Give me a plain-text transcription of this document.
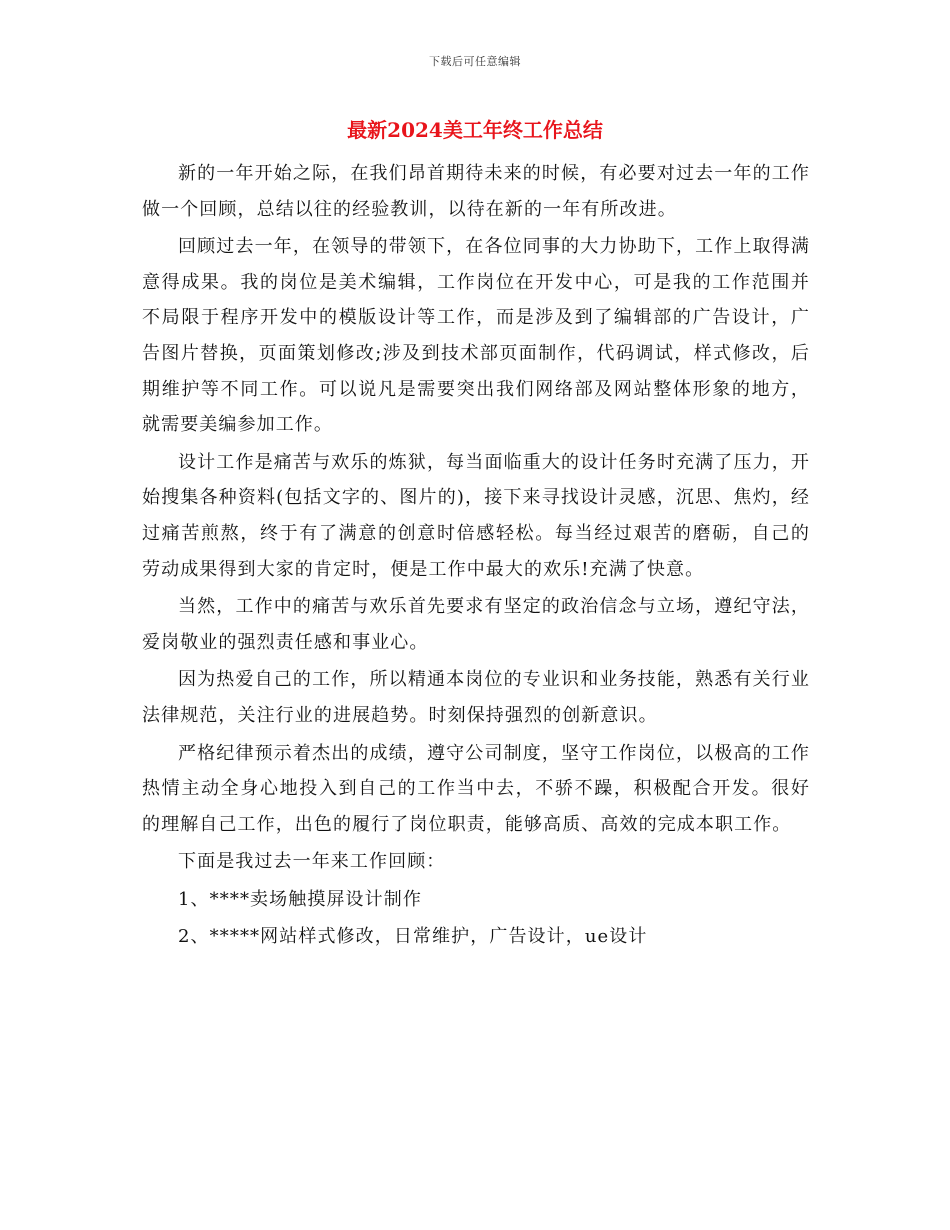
下载后可任意编辑
最新2024美工年终工作总结

新的一年开始之际，在我们昂首期待未来的时候，有必要对过去一年的工作做一个回顾，总结以往的经验教训，以待在新的一年有所改进。

回顾过去一年，在领导的带领下，在各位同事的大力协助下，工作上取得满意得成果。我的岗位是美术编辑，工作岗位在开发中心，可是我的工作范围并不局限于程序开发中的模版设计等工作，而是涉及到了编辑部的广告设计，广告图片替换，页面策划修改;涉及到技术部页面制作，代码调试，样式修改，后期维护等不同工作。可以说凡是需要突出我们网络部及网站整体形象的地方，就需要美编参加工作。

设计工作是痛苦与欢乐的炼狱，每当面临重大的设计任务时充满了压力，开始搜集各种资料(包括文字的、图片的)，接下来寻找设计灵感，沉思、焦灼，经过痛苦煎熬，终于有了满意的创意时倍感轻松。每当经过艰苦的磨砺，自己的劳动成果得到大家的肯定时，便是工作中最大的欢乐!充满了快意。

当然，工作中的痛苦与欢乐首先要求有坚定的政治信念与立场，遵纪守法，爱岗敬业的强烈责任感和事业心。

因为热爱自己的工作，所以精通本岗位的专业识和业务技能，熟悉有关行业法律规范，关注行业的进展趋势。时刻保持强烈的创新意识。

严格纪律预示着杰出的成绩，遵守公司制度，坚守工作岗位，以极高的工作热情主动全身心地投入到自己的工作当中去，不骄不躁，积极配合开发。很好的理解自己工作，出色的履行了岗位职责，能够高质、高效的完成本职工作。

下面是我过去一年来工作回顾：

1、****卖场触摸屏设计制作

2、*****网站样式修改，日常维护，广告设计，ue设计
